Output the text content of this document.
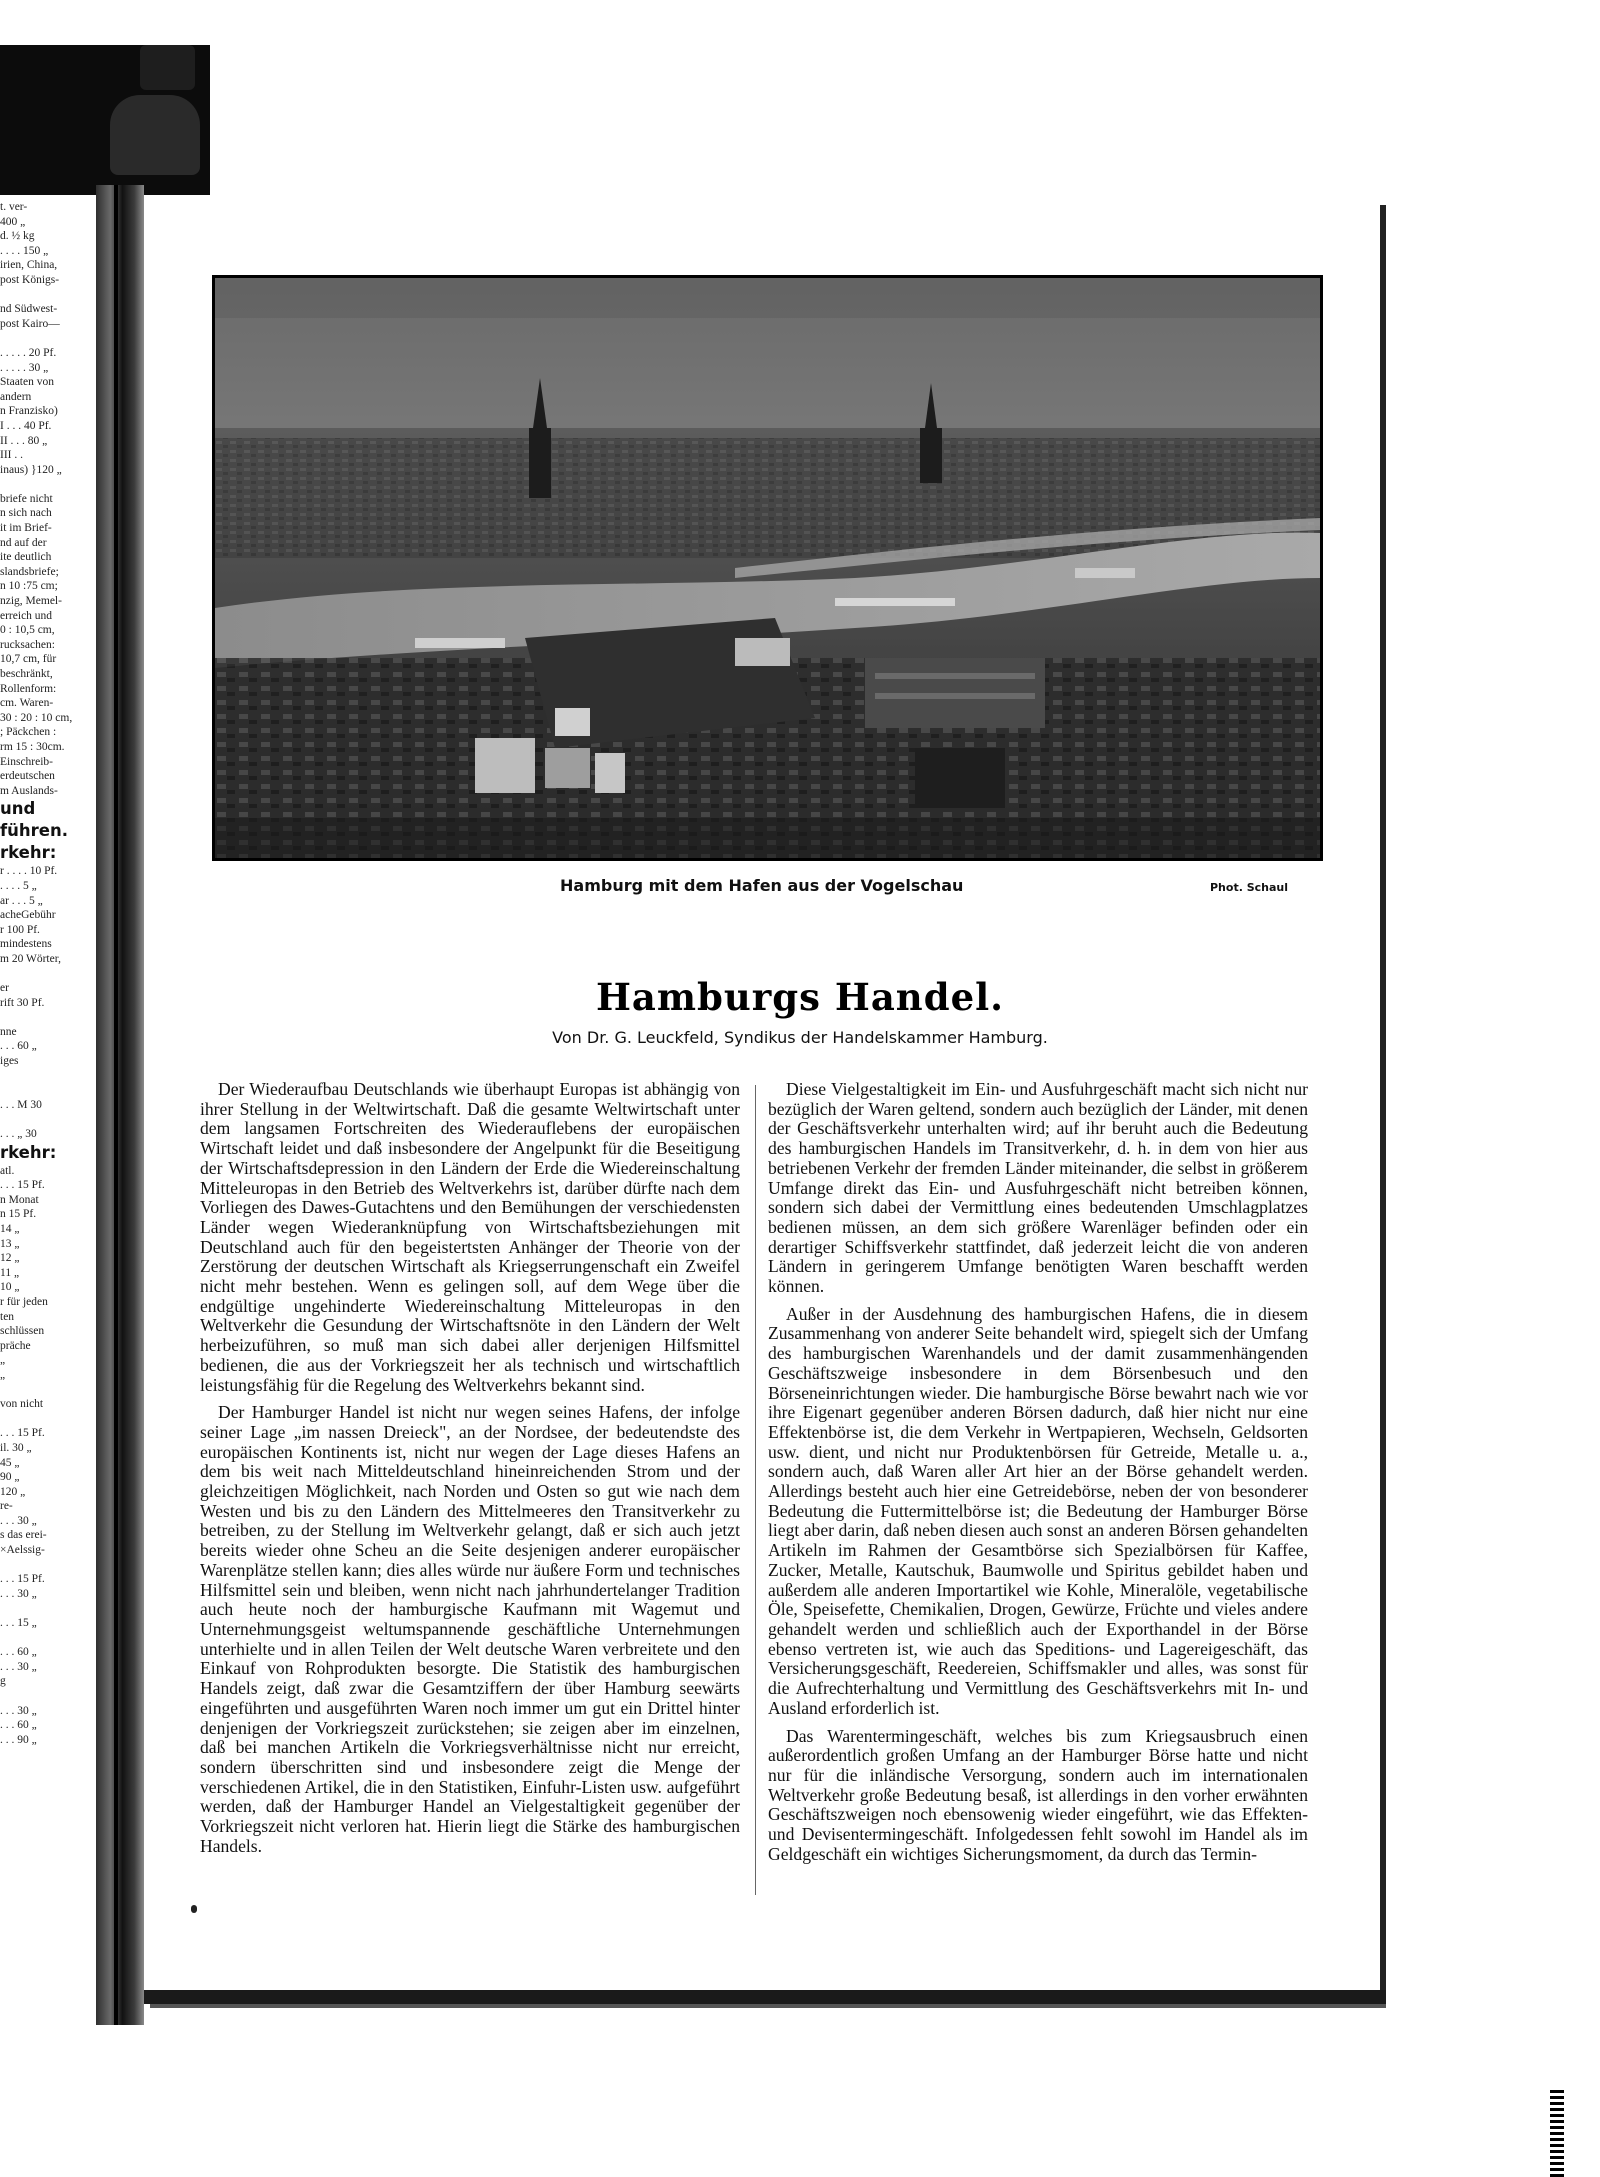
t. ver-
400 „
d. ½ kg
. . . . 150 „
irien, China,
post Königs-

nd Südwest-
post Kairo—

. . . . . 20 Pf.
. . . . . 30 „
Staaten von
andern
n Franzisko)
I . . . 40 Pf.
II . . . 80 „
III . .
inaus) }120 „

briefe nicht
n sich nach
it im Brief-
nd auf der
ite deutlich
slandsbriefe;
n 10 :75 cm;
nzig, Memel-
erreich und
0 : 10,5 cm,
rucksachen:
10,7 cm, für
beschränkt,
Rollenform:
cm. Waren-
30 : 20 : 10 cm,
; Päckchen :
rm 15 : 30cm.
Einschreib-
erdeutschen
m Auslands-
und
führen.
rkehr:
r . . . . 10 Pf.
. . . . 5 „
ar . . . 5 „
acheGebühr
r 100 Pf.
mindestens
m 20 Wörter,

er
rift 30 Pf.

nne
. . . 60 „
iges

. . . M 30

. . . „ 30
rkehr:
atl.
. . . 15 Pf.
n Monat
n 15 Pf.
14 „
13 „
12 „
11 „
10 „
r für jeden
ten
schlüssen
präche
„
„

von nicht

. . . 15 Pf.
il. 30 „
45 „
90 „
120 „
re-
. . . 30 „
s das erei-
×Aelssig-

. . . 15 Pf.
. . . 30 „

. . . 15 „

. . . 60 „
. . . 30 „
g

. . . 30 „
. . . 60 „
. . . 90 „
Hamburg mit dem Hafen aus der Vogelschau	Phot. Schaul
Hamburgs Handel.
Von Dr. G. Leuckfeld, Syndikus der Handelskammer Hamburg.

Der Wiederaufbau Deutschlands wie überhaupt Europas ist abhängig von ihrer Stellung in der Weltwirtschaft. Daß die gesamte Weltwirtschaft unter dem langsamen Fortschreiten des Wiederauflebens der europäischen Wirtschaft leidet und daß insbesondere der Angelpunkt für die Beseitigung der Wirtschaftsdepression in den Ländern der Erde die Wiedereinschaltung Mitteleuropas in den Betrieb des Weltverkehrs ist, darüber dürfte nach dem Vorliegen des Dawes-Gutachtens und den Bemühungen der verschiedensten Länder wegen Wiederanknüpfung von Wirtschaftsbeziehungen mit Deutschland auch für den begeistertsten Anhänger der Theorie von der Zerstörung der deutschen Wirtschaft als Kriegserrungenschaft ein Zweifel nicht mehr bestehen. Wenn es gelingen soll, auf dem Wege über die endgültige ungehinderte Wiedereinschaltung Mitteleuropas in den Weltverkehr die Gesundung der Wirtschaftsnöte in den Ländern der Welt herbeizuführen, so muß man sich dabei aller derjenigen Hilfsmittel bedienen, die aus der Vorkriegszeit her als technisch und wirtschaftlich leistungsfähig für die Regelung des Weltverkehrs bekannt sind.

Der Hamburger Handel ist nicht nur wegen seines Hafens, der infolge seiner Lage „im nassen Dreieck", an der Nordsee, der bedeutendste des europäischen Kontinents ist, nicht nur wegen der Lage dieses Hafens an dem bis weit nach Mitteldeutschland hineinreichenden Strom und der gleichzeitigen Möglichkeit, nach Norden und Osten so gut wie nach dem Westen und bis zu den Ländern des Mittelmeeres den Transitverkehr zu betreiben, zu der Stellung im Weltverkehr gelangt, daß er sich auch jetzt bereits wieder ohne Scheu an die Seite desjenigen anderer europäischer Warenplätze stellen kann; dies alles würde nur äußere Form und technisches Hilfsmittel sein und bleiben, wenn nicht nach jahrhundertelanger Tradition auch heute noch der hamburgische Kaufmann mit Wagemut und Unternehmungsgeist weltumspannende geschäftliche Unternehmungen unterhielte und in allen Teilen der Welt deutsche Waren verbreitete und den Einkauf von Rohprodukten besorgte. Die Statistik des hamburgischen Handels zeigt, daß zwar die Gesamtziffern der über Hamburg seewärts eingeführten und ausgeführten Waren noch immer um gut ein Drittel hinter denjenigen der Vorkriegszeit zurückstehen; sie zeigen aber im einzelnen, daß bei manchen Artikeln die Vorkriegsverhältnisse nicht nur erreicht, sondern überschritten sind und insbesondere zeigt die Menge der verschiedenen Artikel, die in den Statistiken, Einfuhr-Listen usw. aufgeführt werden, daß der Hamburger Handel an Vielgestaltigkeit gegenüber der Vorkriegszeit nicht verloren hat. Hierin liegt die Stärke des hamburgischen Handels.

Diese Vielgestaltigkeit im Ein- und Ausfuhrgeschäft macht sich nicht nur bezüglich der Waren geltend, sondern auch bezüglich der Länder, mit denen der Geschäftsverkehr unterhalten wird; auf ihr beruht auch die Bedeutung des hamburgischen Handels im Transitverkehr, d. h. in dem von hier aus betriebenen Verkehr der fremden Länder miteinander, die selbst in größerem Umfange direkt das Ein- und Ausfuhrgeschäft nicht betreiben können, sondern sich dabei der Vermittlung eines bedeutenden Umschlagplatzes bedienen müssen, an dem sich größere Warenläger befinden oder ein derartiger Schiffsverkehr stattfindet, daß jederzeit leicht die von anderen Ländern in geringerem Umfange benötigten Waren beschafft werden können.

Außer in der Ausdehnung des hamburgischen Hafens, die in diesem Zusammenhang von anderer Seite behandelt wird, spiegelt sich der Umfang des hamburgischen Warenhandels und der damit zusammenhängenden Geschäftszweige insbesondere in dem Börsenbesuch und den Börseneinrichtungen wieder. Die hamburgische Börse bewahrt nach wie vor ihre Eigenart gegenüber anderen Börsen dadurch, daß hier nicht nur eine Effektenbörse ist, die dem Verkehr in Wertpapieren, Wechseln, Geldsorten usw. dient, und nicht nur Produktenbörsen für Getreide, Metalle u. a., sondern auch, daß Waren aller Art hier an der Börse gehandelt werden. Allerdings besteht auch hier eine Getreidebörse, neben der von besonderer Bedeutung die Futtermittelbörse ist; die Bedeutung der Hamburger Börse liegt aber darin, daß neben diesen auch sonst an anderen Börsen gehandelten Artikeln im Rahmen der Gesamtbörse sich Spezialbörsen für Kaffee, Zucker, Metalle, Kautschuk, Baumwolle und Spiritus gebildet haben und außerdem alle anderen Importartikel wie Kohle, Mineralöle, vegetabilische Öle, Speisefette, Chemikalien, Drogen, Gewürze, Früchte und vieles andere gehandelt werden und schließlich auch der Exporthandel in der Börse ebenso vertreten ist, wie auch das Speditions- und Lagereigeschäft, das Versicherungsgeschäft, Reedereien, Schiffsmakler und alles, was sonst für die Aufrechterhaltung und Vermittlung des Geschäftsverkehrs mit In- und Ausland erforderlich ist.

Das Warentermingeschäft, welches bis zum Kriegsausbruch einen außerordentlich großen Umfang an der Hamburger Börse hatte und nicht nur für die inländische Versorgung, sondern auch im internationalen Weltverkehr große Bedeutung besaß, ist allerdings in den vorher erwähnten Geschäftszweigen noch ebensowenig wieder eingeführt, wie das Effekten- und Devisentermingeschäft. Infolgedessen fehlt sowohl im Handel als im Geldgeschäft ein wichtiges Sicherungsmoment, da durch das Termin-
